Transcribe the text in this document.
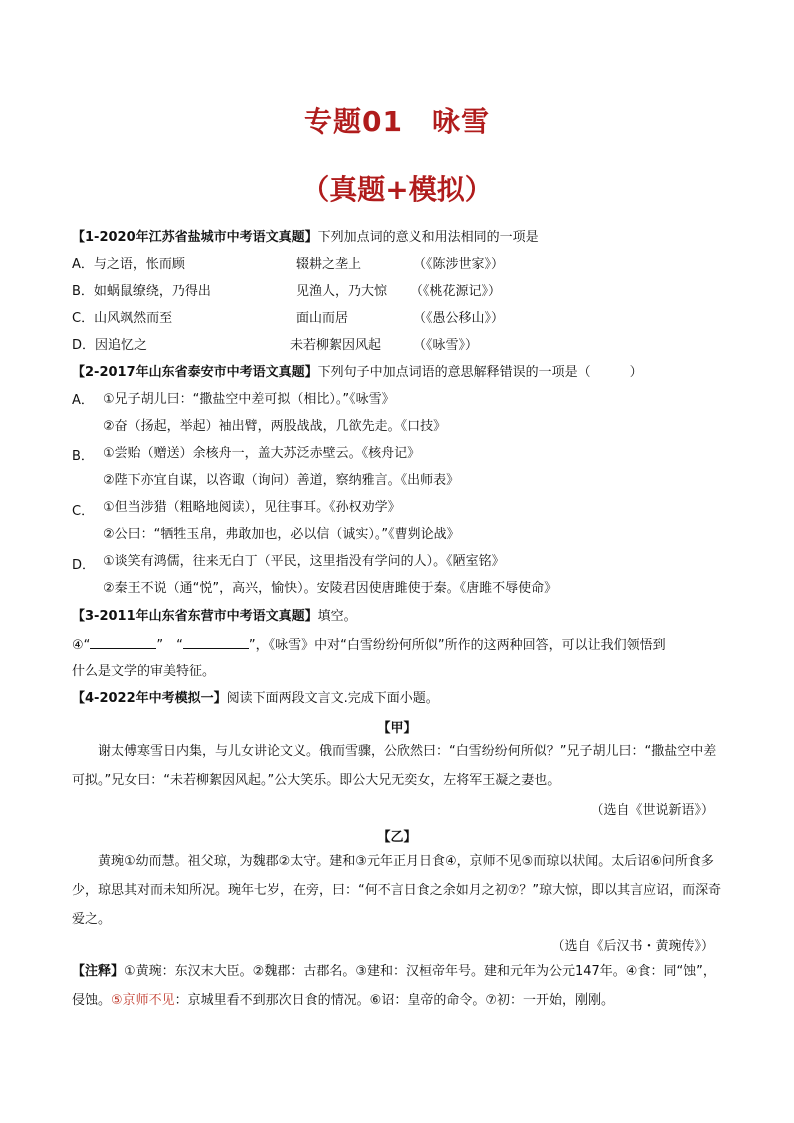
专题01　咏雪
（真题+模拟）
【1-2020年江苏省盐城市中考语文真题】下列加点词的意义和用法相同的一项是
A．与之语，怅而顾	辍耕之垄上	（《陈涉世家》）
B．如蜗鼠缭绕，乃得出	见渔人，乃大惊 （《桃花源记》）
C．山风飒然而至	面山而居	（《愚公移山》）
D．因追忆之	未若柳絮因风起 （《咏雪》）
【2-2017年山东省泰安市中考语文真题】下列句子中加点词语的意思解释错误的一项是（　　　）
A． ①兄子胡儿曰：“撒盐空中差可拟（相比）。”《咏雪》
②奋（扬起，举起）袖出臂，两股战战，几欲先走。《口技》
B． ①尝贻（赠送）余核舟一，盖大苏泛赤壁云。《核舟记》
②陛下亦宜自谋，以咨诹（询问）善道，察纳雅言。《出师表》
C． ①但当涉猎（粗略地阅读），见往事耳。《孙权劝学》
②公曰：“牺牲玉帛，弗敢加也，必以信（诚实）。”《曹刿论战》
D． ①谈笑有鸿儒，往来无白丁（平民，这里指没有学问的人）。《陋室铭》
②秦王不说（通“悦”，高兴，愉快）。安陵君因使唐雎使于秦。《唐雎不辱使命》
【3-2011年山东省东营市中考语文真题】填空。
④“	”　“	”，《咏雪》中对“白雪纷纷何所似”所作的这两种回答，可以让我们领悟到
什么是文学的审美特征。
【4-2022年中考模拟一】阅读下面两段文言文.完成下面小题。
【甲】
谢太傅寒雪日内集，与儿女讲论文义。俄而雪骤，公欣然曰：“白雪纷纷何所似？”兄子胡儿曰：“撒盐空中差可拟。”兄女曰：“未若柳絮因风起。”公大笑乐。即公大兄无奕女，左将军王凝之妻也。
（选自《世说新语》）
【乙】
黄琬①幼而慧。祖父琼，为魏郡②太守。建和③元年正月日食④，京师不见⑤而琼以状闻。太后诏⑥问所食多少，琼思其对而未知所况。琬年七岁，在旁，曰：“何不言日食之余如月之初⑦？”琼大惊，即以其言应诏，而深奇爱之。
（选自《后汉书・黄琬传》）
【注释】①黄琬：东汉末大臣。②魏郡：古郡名。③建和：汉桓帝年号。建和元年为公元147年。④食：同“蚀”，侵蚀。⑤京师不见：京城里看不到那次日食的情况。⑥诏：皇帝的命令。⑦初：一开始，刚刚。
